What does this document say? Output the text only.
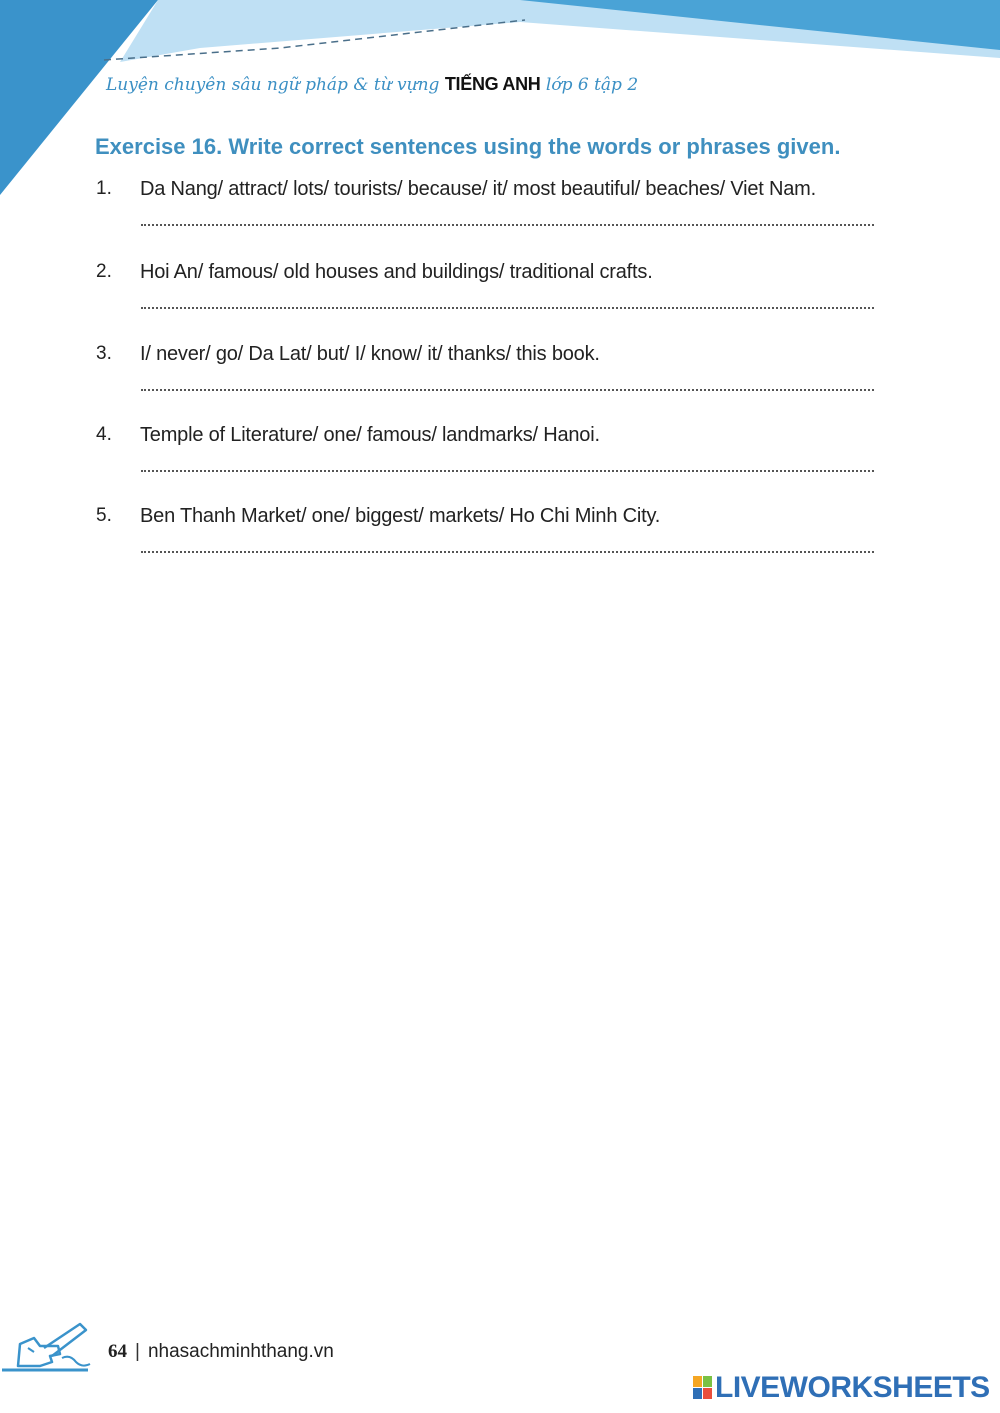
Luyện chuyên sâu ngữ pháp & từ vựng TIẾNG ANH lớp 6 tập 2
Exercise 16. Write correct sentences using the words or phrases given.
1. Da Nang/ attract/ lots/ tourists/ because/ it/ most beautiful/ beaches/ Viet Nam.
2. Hoi An/ famous/ old houses and buildings/ traditional crafts.
3. I/ never/ go/ Da Lat/ but/ I/ know/ it/ thanks/ this book.
4. Temple of Literature/ one/ famous/ landmarks/ Hanoi.
5. Ben Thanh Market/ one/ biggest/ markets/ Ho Chi Minh City.
64 | nhasachminhthang.vn
LIVEWORKSHEETS
